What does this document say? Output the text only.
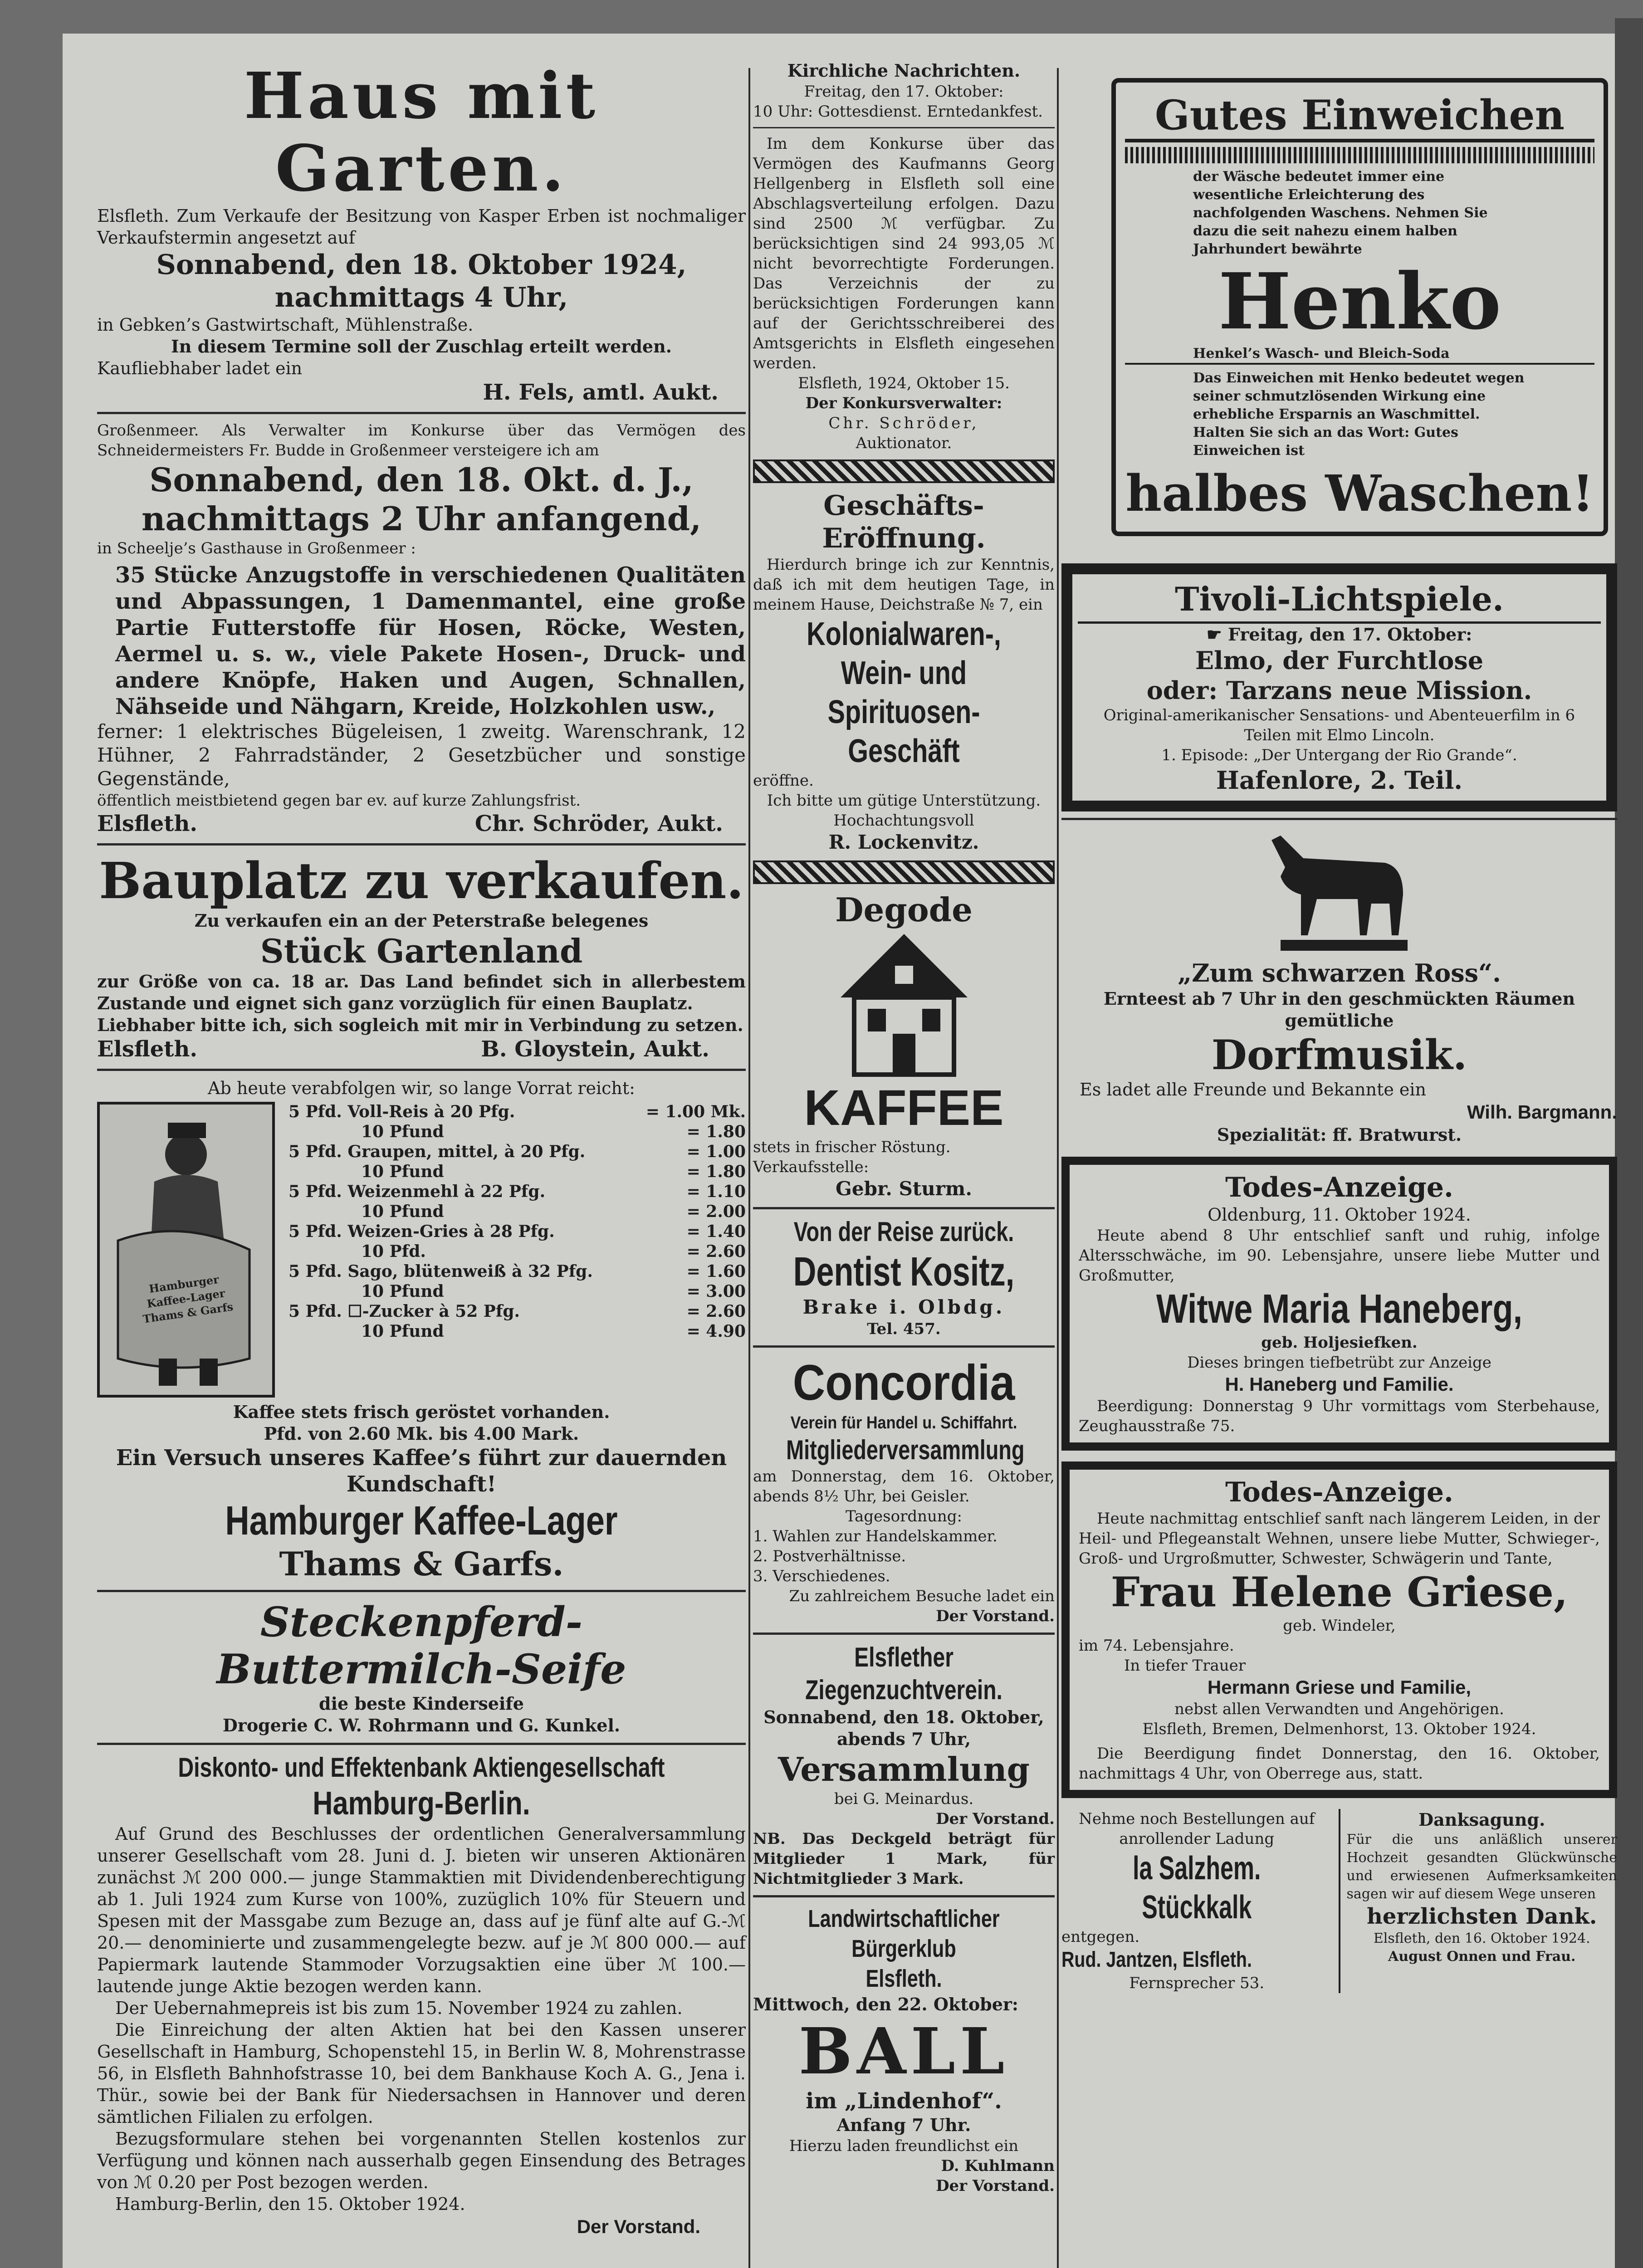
Haus mit Garten.

Elsfleth. Zum Verkaufe der Besitzung von Kasper Erben ist nochmaliger Verkaufstermin angesetzt auf

Sonnabend, den 18. Oktober 1924,

nachmittags 4 Uhr,

in Gebken’s Gastwirtschaft, Mühlenstraße.

In diesem Termine soll der Zuschlag erteilt werden.

Kaufliebhaber ladet ein

H. Fels, amtl. Aukt.

Großenmeer. Als Verwalter im Konkurse über das Vermögen des Schneidermeisters Fr. Budde in Großenmeer versteigere ich am

Sonnabend, den 18. Okt. d. J.,

nachmittags 2 Uhr anfangend,

in Scheelje’s Gasthause in Großenmeer :

35 Stücke Anzugstoffe in verschiedenen Qualitäten und Abpassungen, 1 Damenmantel, eine große Partie Futterstoffe für Hosen, Röcke, Westen, Aermel u. s. w., viele Pakete Hosen-, Druck- und andere Knöpfe, Haken und Augen, Schnallen, Nähseide und Nähgarn, Kreide, Holzkohlen usw.,

ferner: 1 elektrisches Bügeleisen, 1 zweitg. Warenschrank, 12 Hühner, 2 Fahrradständer, 2 Gesetzbücher und sonstige Gegenstände,

öffentlich meistbietend gegen bar ev. auf kurze Zahlungsfrist.

Elsfleth.	Chr. Schröder, Aukt.

Bauplatz zu verkaufen.

Zu verkaufen ein an der Peterstraße belegenes

Stück Gartenland

zur Größe von ca. 18 ar. Das Land befindet sich in allerbestem Zustande und eignet sich ganz vorzüglich für einen Bauplatz.

Liebhaber bitte ich, sich sogleich mit mir in Verbindung zu setzen.

Elsfleth.	B. Gloystein, Aukt.

Ab heute verabfolgen wir, so lange Vorrat reicht:

Hamburger Kaffee-Lager Thams & Garfs

5 Pfd. Voll-Reis à 20 Pfg.	= 1.00 Mk.
10 Pfund	= 1.80
5 Pfd. Graupen, mittel, à 20 Pfg.	= 1.00
10 Pfund	= 1.80
5 Pfd. Weizenmehl à 22 Pfg.	= 1.10
10 Pfund	= 2.00
5 Pfd. Weizen-Gries à 28 Pfg.	= 1.40
10 Pfd.	= 2.60
5 Pfd. Sago, blütenweiß à 32 Pfg.	= 1.60
10 Pfund	= 3.00
5 Pfd. ☐-Zucker à 52 Pfg.	= 2.60
10 Pfund	= 4.90

Kaffee stets frisch geröstet vorhanden.

Pfd. von 2.60 Mk. bis 4.00 Mark.

Ein Versuch unseres Kaffee’s führt zur dauernden Kundschaft!

Hamburger Kaffee-Lager

Thams & Garfs.

Steckenpferd-

Buttermilch-Seife

die beste Kinderseife

Drogerie C. W. Rohrmann und G. Kunkel.

Diskonto- und Effektenbank Aktiengesellschaft

Hamburg-Berlin.

Auf Grund des Beschlusses der ordentlichen Generalversammlung unserer Gesellschaft vom 28. Juni d. J. bieten wir unseren Aktionären zunächst ℳ 200 000.— junge Stammaktien mit Dividendenberechtigung ab 1. Juli 1924 zum Kurse von 100%, zuzüglich 10% für Steuern und Spesen mit der Massgabe zum Bezuge an, dass auf je fünf alte auf G.-ℳ 20.— denominierte und zusammengelegte bezw. auf je ℳ 800 000.— auf Papiermark lautende Stammoder Vorzugsaktien eine über ℳ 100.— lautende junge Aktie bezogen werden kann.

Der Uebernahmepreis ist bis zum 15. November 1924 zu zahlen.

Die Einreichung der alten Aktien hat bei den Kassen unserer Gesellschaft in Hamburg, Schopenstehl 15, in Berlin W. 8, Mohrenstrasse 56, in Elsfleth Bahnhofstrasse 10, bei dem Bankhause Koch A. G., Jena i. Thür., sowie bei der Bank für Niedersachsen in Hannover und deren sämtlichen Filialen zu erfolgen.

Bezugsformulare stehen bei vorgenannten Stellen kostenlos zur Verfügung und können nach ausserhalb gegen Einsendung des Betrages von ℳ 0.20 per Post bezogen werden.

Hamburg-Berlin, den 15. Oktober 1924.

Der Vorstand.

Kirchliche Nachrichten.

Freitag, den 17. Oktober:

10 Uhr: Gottesdienst. Erntedankfest.

Im dem Konkurse über das Vermögen des Kaufmanns Georg Hellgenberg in Elsfleth soll eine Abschlagsverteilung erfolgen. Dazu sind 2500 ℳ verfügbar. Zu berücksichtigen sind 24 993,05 ℳ nicht bevorrechtigte Forderungen. Das Verzeichnis der zu berücksichtigen Forderungen kann auf der Gerichtsschreiberei des Amtsgerichts in Elsfleth eingesehen werden.

Elsfleth, 1924, Oktober 15.

Der Konkursverwalter:

Chr. Schröder,

Auktionator.

Geschäfts-Eröffnung.

Hierdurch bringe ich zur Kenntnis, daß ich mit dem heutigen Tage, in meinem Hause, Deichstraße № 7, ein

Kolonialwaren-,

Wein- und

Spirituosen-Geschäft

eröffne.

Ich bitte um gütige Unterstützung.

Hochachtungsvoll

R. Lockenvitz.

Degode

KAFFEE

stets in frischer Röstung.

Verkaufsstelle:

Gebr. Sturm.

Von der Reise zurück.

Dentist Kositz,

Brake i. Olbdg.

Tel. 457.

Concordia

Verein für Handel u. Schiffahrt.

Mitgliederversammlung

am Donnerstag, dem 16. Oktober, abends 8½ Uhr, bei Geisler.

Tagesordnung:

1. Wahlen zur Handelskammer.

2. Postverhältnisse.

3. Verschiedenes.

Zu zahlreichem Besuche ladet ein

Der Vorstand.

Elsflether

Ziegenzuchtverein.

Sonnabend, den 18. Oktober, abends 7 Uhr,

Versammlung

bei G. Meinardus.

Der Vorstand.

NB. Das Deckgeld beträgt für Mitglieder 1 Mark, für Nichtmitglieder 3 Mark.

Landwirtschaftlicher

Bürgerklub

Elsfleth.

Mittwoch, den 22. Oktober:

BALL

im „Lindenhof“.

Anfang 7 Uhr.

Hierzu laden freundlichst ein

D. Kuhlmann

Der Vorstand.

Gutes Einweichen

der Wäsche bedeutet immer eine wesentliche Erleichterung des nachfolgenden Waschens. Nehmen Sie dazu die seit nahezu einem halben Jahrhundert bewährte

Henko

Henkel’s Wasch- und Bleich-Soda

Das Einweichen mit Henko bedeutet wegen seiner schmutzlösenden Wirkung eine erhebliche Ersparnis an Waschmittel. Halten Sie sich an das Wort: Gutes Einweichen ist

halbes Waschen!

Tivoli-Lichtspiele.

☛ Freitag, den 17. Oktober:

Elmo, der Furchtlose

oder: Tarzans neue Mission.

Original-amerikanischer Sensations- und Abenteuerfilm in 6 Teilen mit Elmo Lincoln.

1. Episode: „Der Untergang der Rio Grande“.

Hafenlore, 2. Teil.

„Zum schwarzen Ross“.

Ernteest ab 7 Uhr in den geschmückten Räumen gemütliche

Dorfmusik.

Es ladet alle Freunde und Bekannte ein

Wilh. Bargmann.

Spezialität: ff. Bratwurst.

Todes-Anzeige.

Oldenburg, 11. Oktober 1924.

Heute abend 8 Uhr entschlief sanft und ruhig, infolge Altersschwäche, im 90. Lebensjahre, unsere liebe Mutter und Großmutter,

Witwe Maria Haneberg,

geb. Holjesiefken.

Dieses bringen tiefbetrübt zur Anzeige

H. Haneberg und Familie.

Beerdigung: Donnerstag 9 Uhr vormittags vom Sterbehause, Zeughausstraße 75.

Todes-Anzeige.

Heute nachmittag entschlief sanft nach längerem Leiden, in der Heil- und Pflegeanstalt Wehnen, unsere liebe Mutter, Schwieger-, Groß- und Urgroßmutter, Schwester, Schwägerin und Tante,

Frau Helene Griese,

geb. Windeler,

im 74. Lebensjahre.

In tiefer Trauer

Hermann Griese und Familie,

nebst allen Verwandten und Angehörigen.

Elsfleth, Bremen, Delmenhorst, 13. Oktober 1924.

Die Beerdigung findet Donnerstag, den 16. Oktober, nachmittags 4 Uhr, von Oberrege aus, statt.

Nehme noch Bestellungen auf anrollender Ladung

la Salzhem. Stückkalk

entgegen.

Rud. Jantzen, Elsfleth.

Fernsprecher 53.

Danksagung.

Für die uns anläßlich unserer Hochzeit gesandten Glückwünsche und erwiesenen Aufmerksamkeiten sagen wir auf diesem Wege unseren

herzlichsten Dank.

Elsfleth, den 16. Oktober 1924.

August Onnen und Frau.
